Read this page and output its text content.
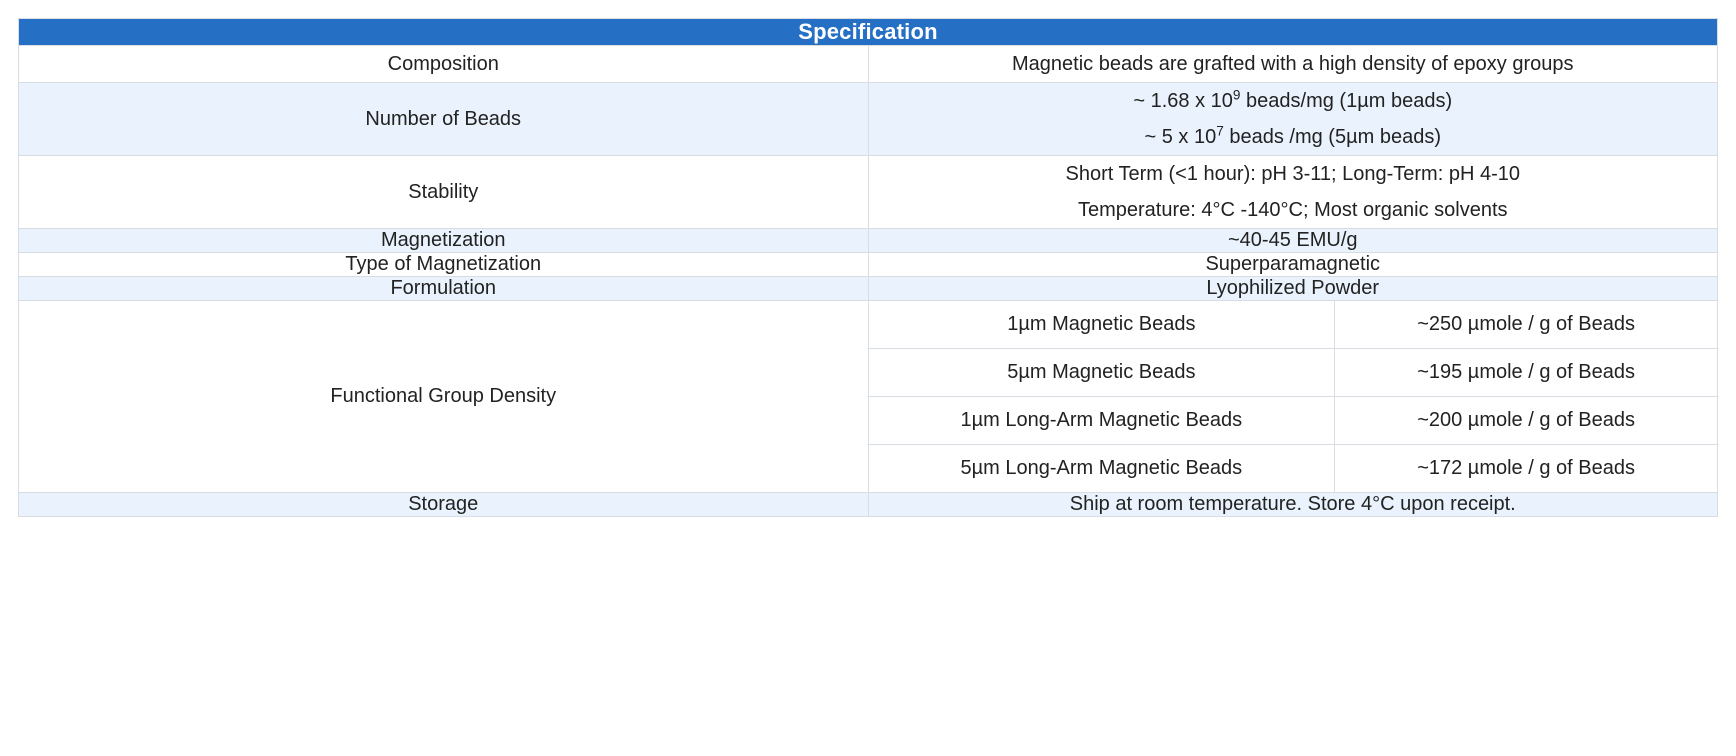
Specification
Composition	Magnetic beads are grafted with a high density of epoxy groups

Number of Beads	
~ 1.68 x $10^9$ beads/mg (1µm beads)
~ 5 x $10^7$ beads /mg (5µm beads)

Stability	
Short Term (<1 hour): pH 3-11; Long-Term: pH 4-10
Temperature: 4°C -140°C; Most organic solvents

Magnetization	~40-45 EMU/g
Type of Magnetization	Superparamagnetic
Formulation	Lyophilized Powder
Functional Group Density	
1µm Magnetic Beads	~250 µmole / g of Beads
5µm Magnetic Beads	~195 µmole / g of Beads
1µm Long-Arm Magnetic Beads	~200 µmole / g of Beads
5µm Long-Arm Magnetic Beads	~172 µmole / g of Beads

Storage	Ship at room temperature. Store 4°C upon receipt.
